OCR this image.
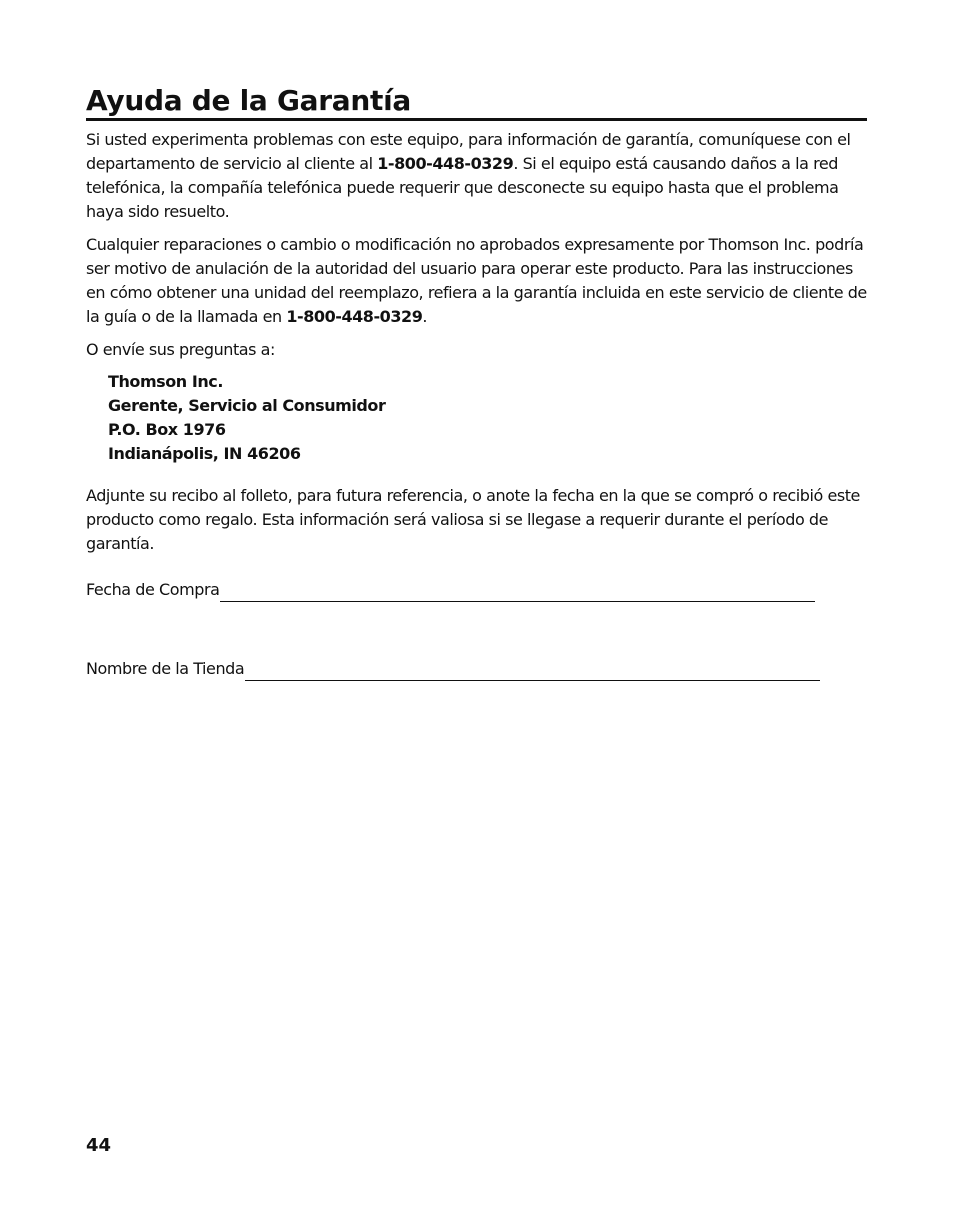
Ayuda de la Garantía

Si usted experimenta problemas con este equipo, para información de garantía, comuníquese con el departamento de servicio al cliente al 1-800-448-0329. Si el equipo está causando daños a la red telefónica, la compañía telefónica puede requerir que desconecte su equipo hasta que el problema haya sido resuelto.

Cualquier reparaciones o cambio o modificación no aprobados expresamente por Thomson Inc. podría ser motivo de anulación de la autoridad del usuario para operar este producto. Para las instrucciones en cómo obtener una unidad del reemplazo, refiera a la garantía incluida en este servicio de cliente de la guía o de la llamada en 1-800-448-0329.

O envíe sus preguntas a:

Thomson Inc.
Gerente, Servicio al Consumidor
P.O. Box 1976
Indianápolis, IN 46206

Adjunte su recibo al folleto, para futura referencia, o anote la fecha en la que se compró o recibió este producto como regalo. Esta información será valiosa si se llegase a requerir durante el período de garantía.

Fecha de Compra
Nombre de la Tienda
44
